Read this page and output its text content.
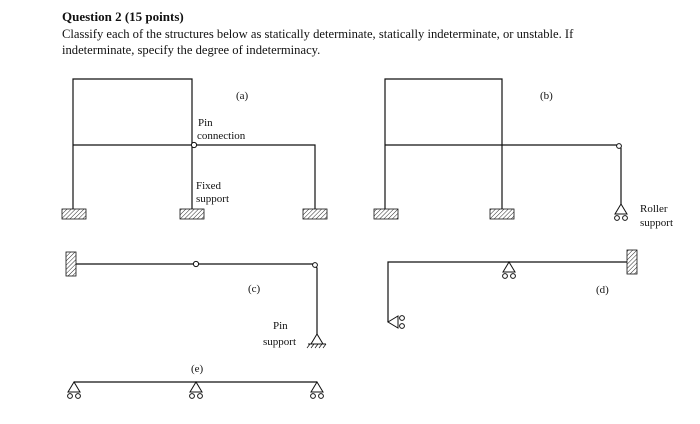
Question 2 (15 points)
Classify each of the structures below as statically determinate, statically indeterminate, or unstable. If
indeterminate, specify the degree of indeterminacy.
(a)
Pin
connection
Fixed
support
(b)
Roller
support
(c)
Pin
support
(d)
(e)
